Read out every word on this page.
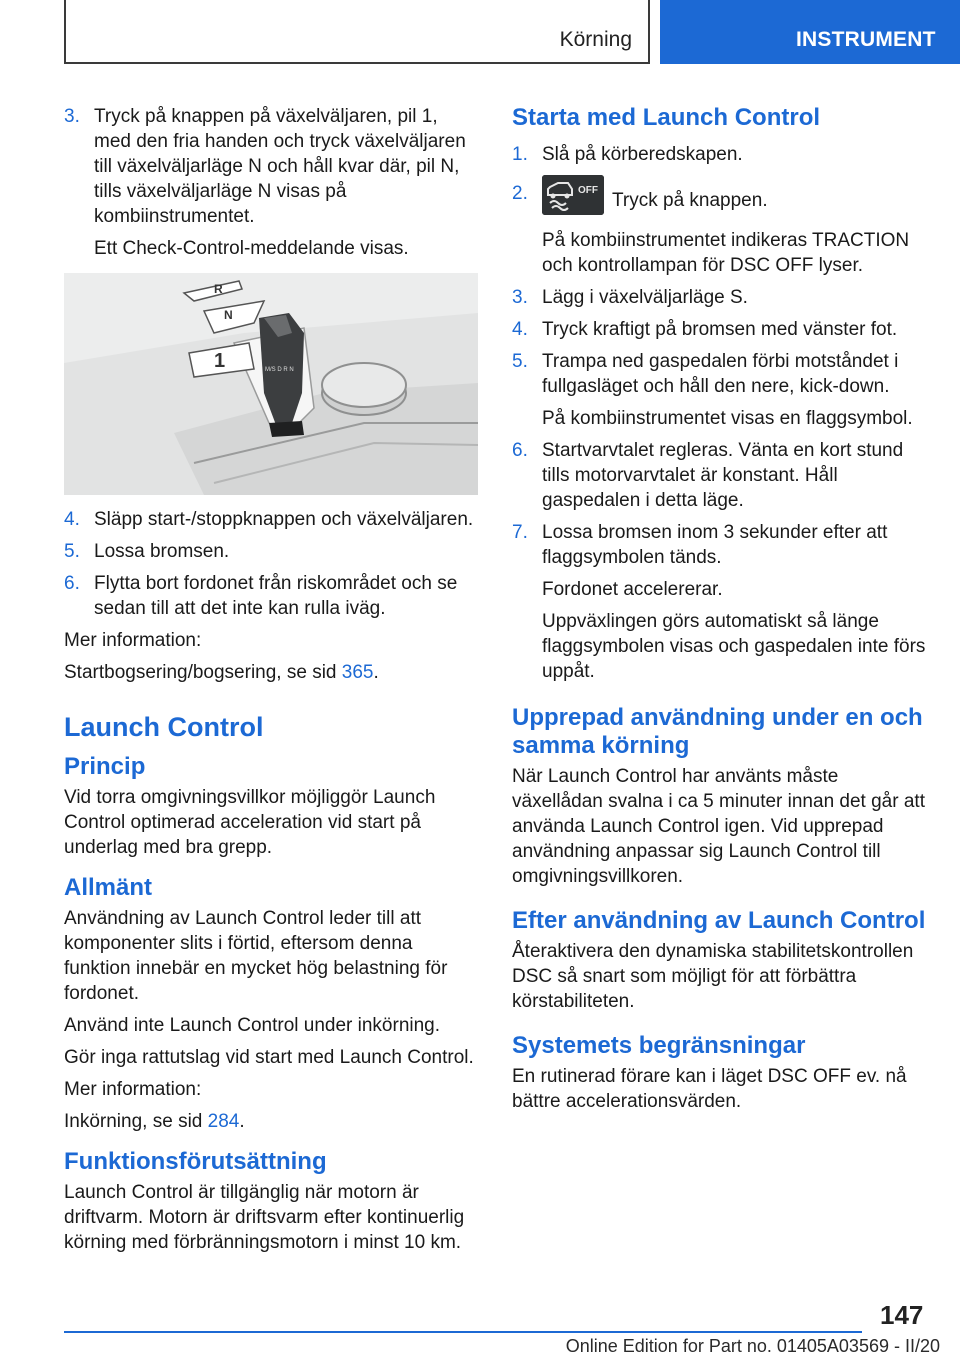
Körning	INSTRUMENT
3. Tryck på knappen på växelväljaren, pil 1, med den fria handen och tryck växelväljaren till växelväljarläge N och håll kvar där, pil N, tills växelväljarläge N visas på kombiinstrumentet.
Ett Check-Control-meddelande visas.
R
N
1	M/S D R N
4. Släpp start-/stoppknappen och växelväljaren.
5. Lossa bromsen.
6. Flytta bort fordonet från riskområdet och se sedan till att det inte kan rulla iväg.
Mer information:
Startbogsering/bogsering, se sid 365.
Launch Control
Princip
Vid torra omgivningsvillkor möjliggör Launch Control optimerad acceleration vid start på underlag med bra grepp.
Allmänt
Användning av Launch Control leder till att komponenter slits i förtid, eftersom denna funktion innebär en mycket hög belastning för fordonet.
Använd inte Launch Control under inkörning.
Gör inga rattutslag vid start med Launch Control.
Mer information:
Inkörning, se sid 284.
Funktionsförutsättning
Launch Control är tillgänglig när motorn är driftvarm. Motorn är driftsvarm efter kontinuerlig körning med förbränningsmotorn i minst 10 km.
Starta med Launch Control
1. Slå på körberedskapen.
2.	OFF Tryck på knappen.
På kombiinstrumentet indikeras TRACTION och kontrollampan för DSC OFF lyser.
3. Lägg i växelväljarläge S.
4. Tryck kraftigt på bromsen med vänster fot.
5. Trampa ned gaspedalen förbi motståndet i fullgasläget och håll den nere, kick-down.
På kombiinstrumentet visas en flaggsymbol.
6. Startvarvtalet regleras. Vänta en kort stund tills motorvarvtalet är konstant. Håll gaspedalen i detta läge.
7. Lossa bromsen inom 3 sekunder efter att flaggsymbolen tänds.
Fordonet accelererar.
Uppväxlingen görs automatiskt så länge flaggsymbolen visas och gaspedalen inte förs uppåt.
Upprepad användning under en och samma körning
När Launch Control har använts måste växellådan svalna i ca 5 minuter innan det går att använda Launch Control igen. Vid upprepad användning anpassar sig Launch Control till omgivningsvillkoren.
Efter användning av Launch Control
Återaktivera den dynamiska stabilitetskontrollen DSC så snart som möjligt för att förbättra körstabiliteten.
Systemets begränsningar
En rutinerad förare kan i läget DSC OFF ev. nå bättre accelerationsvärden.
147
Online Edition for Part no. 01405A03569 - II/20
